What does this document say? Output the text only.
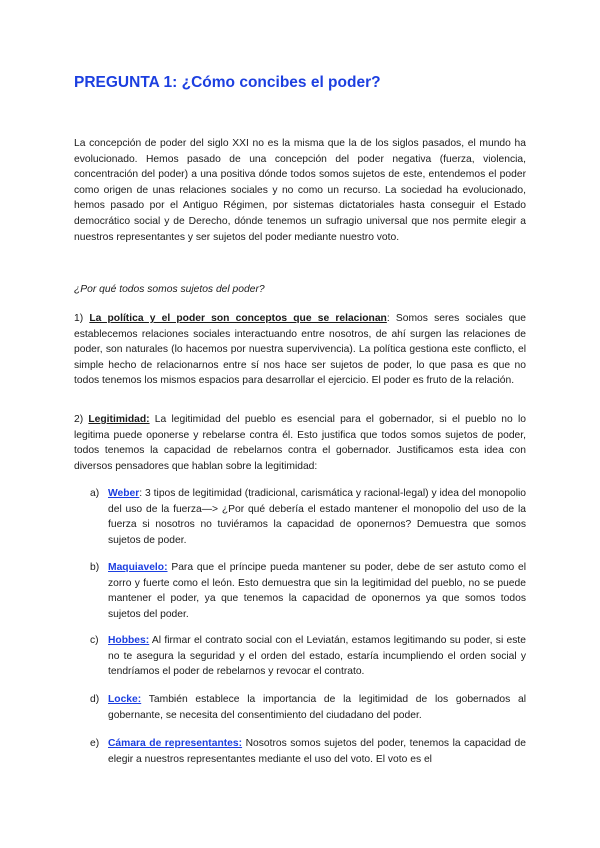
PREGUNTA 1: ¿Cómo concibes el poder?

La concepción de poder del siglo XXI no es la misma que la de los siglos pasados, el mundo ha evolucionado. Hemos pasado de una concepción del poder negativa (fuerza, violencia, concentración del poder) a una positiva dónde todos somos sujetos de este, entendemos el poder como origen de unas relaciones sociales y no como un recurso. La sociedad ha evolucionado, hemos pasado por el Antiguo Régimen, por sistemas dictatoriales hasta conseguir el Estado democrático social y de Derecho, dónde tenemos un sufragio universal que nos permite elegir a nuestros representantes y ser sujetos del poder mediante nuestro voto.

¿Por qué todos somos sujetos del poder?

1) La política y el poder son conceptos que se relacionan: Somos seres sociales que establecemos relaciones sociales interactuando entre nosotros, de ahí surgen las relaciones de poder, son naturales (lo hacemos por nuestra supervivencia). La política gestiona este conflicto, el simple hecho de relacionarnos entre sí nos hace ser sujetos de poder, lo que pasa es que no todos tenemos los mismos espacios para desarrollar el ejercicio. El poder es fruto de la relación.

2) Legitimidad: La legitimidad del pueblo es esencial para el gobernador, si el pueblo no lo legitima puede oponerse y rebelarse contra él. Esto justifica que todos somos sujetos de poder, todos tenemos la capacidad de rebelarnos contra el gobernador. Justificamos esta idea con diversos pensadores que hablan sobre la legitimidad:

a) Weber: 3 tipos de legitimidad (tradicional, carismática y racional-legal) y idea del monopolio del uso de la fuerza—> ¿Por qué debería el estado mantener el monopolio del uso de la fuerza si nosotros no tuviéramos la capacidad de oponernos? Demuestra que somos sujetos de poder.
b) Maquiavelo: Para que el príncipe pueda mantener su poder, debe de ser astuto como el zorro y fuerte como el león. Esto demuestra que sin la legitimidad del pueblo, no se puede mantener el poder, ya que tenemos la capacidad de oponernos ya que somos todos sujetos del poder.
c) Hobbes: Al firmar el contrato social con el Leviatán, estamos legitimando su poder, si este no te asegura la seguridad y el orden del estado, estaría incumpliendo el orden social y tendríamos el poder de rebelarnos y revocar el contrato.
d) Locke: También establece la importancia de la legitimidad de los gobernados al gobernante, se necesita del consentimiento del ciudadano del poder.
e) Cámara de representantes: Nosotros somos sujetos del poder, tenemos la capacidad de elegir a nuestros representantes mediante el uso del voto. El voto es el
